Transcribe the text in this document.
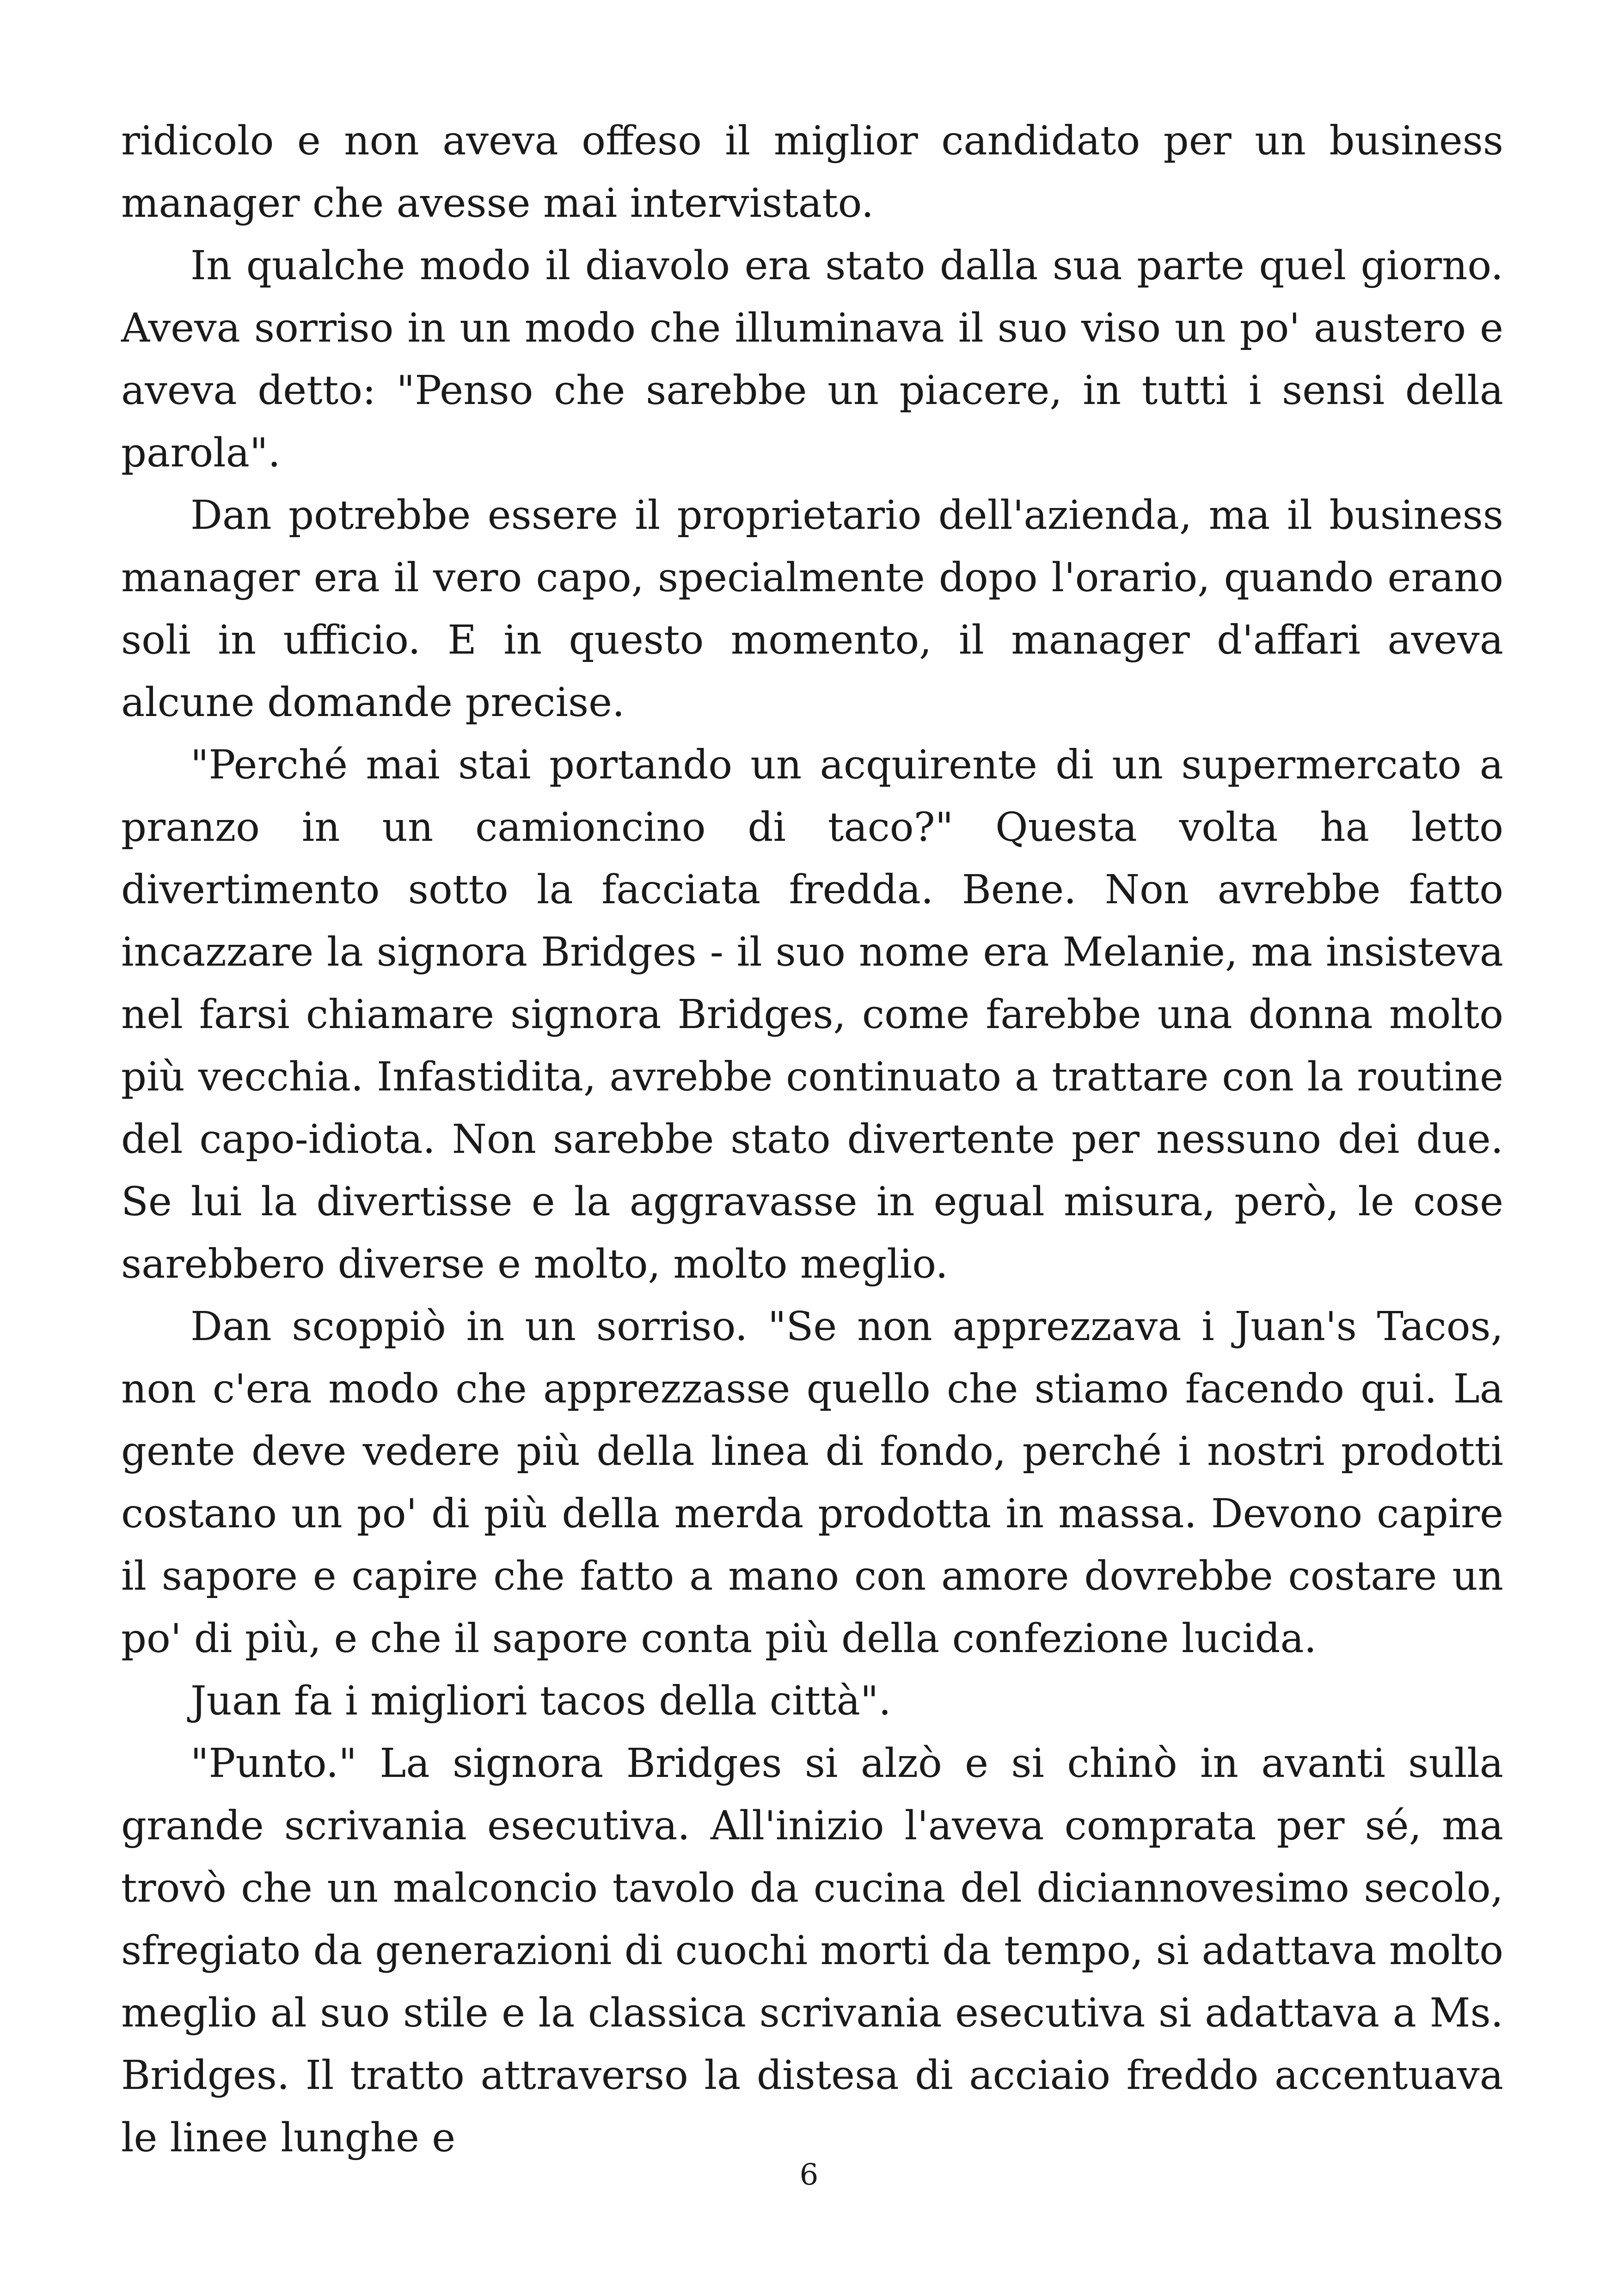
ridicolo e non aveva offeso il miglior candidato per un business manager che avesse mai intervistato.

In qualche modo il diavolo era stato dalla sua parte quel giorno. Aveva sorriso in un modo che illuminava il suo viso un po' austero e aveva detto: "Penso che sarebbe un piacere, in tutti i sensi della parola".

Dan potrebbe essere il proprietario dell'azienda, ma il business manager era il vero capo, specialmente dopo l'orario, quando erano soli in ufficio. E in questo momento, il manager d'affari aveva alcune domande precise.

"Perché mai stai portando un acquirente di un supermercato a pranzo in un camioncino di taco?" Questa volta ha letto divertimento sotto la facciata fredda. Bene. Non avrebbe fatto incazzare la signora Bridges - il suo nome era Melanie, ma insisteva nel farsi chiamare signora Bridges, come farebbe una donna molto più vecchia. Infastidita, avrebbe continuato a trattare con la routine del capo-idiota. Non sarebbe stato divertente per nessuno dei due. Se lui la divertisse e la aggravasse in egual misura, però, le cose sarebbero diverse e molto, molto meglio.

Dan scoppiò in un sorriso. "Se non apprezzava i Juan's Tacos, non c'era modo che apprezzasse quello che stiamo facendo qui. La gente deve vedere più della linea di fondo, perché i nostri prodotti costano un po' di più della merda prodotta in massa. Devono capire il sapore e capire che fatto a mano con amore dovrebbe costare un po' di più, e che il sapore conta più della confezione lucida.

Juan fa i migliori tacos della città".

"Punto." La signora Bridges si alzò e si chinò in avanti sulla grande scrivania esecutiva. All'inizio l'aveva comprata per sé, ma trovò che un malconcio tavolo da cucina del diciannovesimo secolo, sfregiato da generazioni di cuochi morti da tempo, si adattava molto meglio al suo stile e la classica scrivania esecutiva si adattava a Ms. Bridges. Il tratto attraverso la distesa di acciaio freddo accentuava le linee lunghe e

6
